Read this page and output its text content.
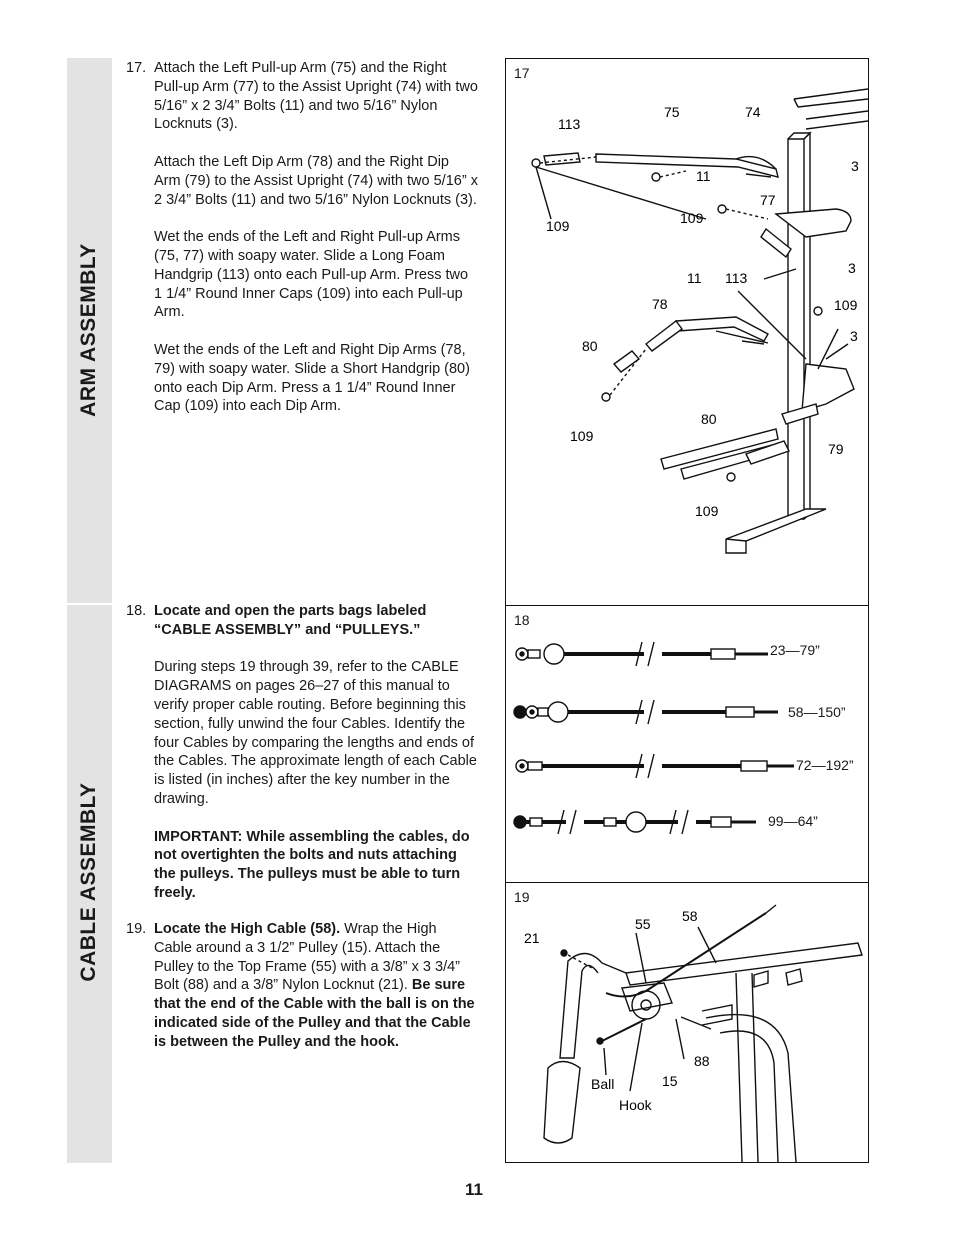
ARM ASSEMBLY
CABLE ASSEMBLY
17. Attach the Left Pull-up Arm (75) and the Right Pull-up Arm (77) to the Assist Upright (74) with two 5/16” x 2 3/4” Bolts (11) and two 5/16” Nylon Locknuts (3).

Attach the Left Dip Arm (78) and the Right Dip Arm (79) to the Assist Upright (74) with two 5/16” x 2 3/4” Bolts (11) and two 5/16” Nylon Locknuts (3).

Wet the ends of the Left and Right Pull-up Arms (75, 77) with soapy water. Slide a Long Foam Handgrip (113) onto each Pull-up Arm. Press two 1 1/4” Round Inner Caps (109) into each Pull-up Arm.

Wet the ends of the Left and Right Dip Arms (78, 79) with soapy water. Slide a Short Handgrip (80) onto each Dip Arm. Press a 1 1/4” Round Inner Cap (109) into each Dip Arm.

18. Locate and open the parts bags labeled “CABLE ASSEMBLY” and “PULLEYS.”

During steps 19 through 39, refer to the CABLE DIAGRAMS on pages 26–27 of this manual to verify proper cable routing. Before beginning this section, fully unwind the four Cables. Identify the four Cables by comparing the lengths and ends of the Cables. The approximate length of each Cable is listed (in inches) after the key number in the drawing.

IMPORTANT: While assembling the cables, do not overtighten the bolts and nuts attaching the pulleys. The pulleys must be able to turn freely.

19. Locate the High Cable (58). Wrap the High Cable around a 3 1/2” Pulley (15). Attach the Pulley to the Top Frame (55) with a 3/8” x 3 3/4” Bolt (88) and a 3/8” Nylon Locknut (21). Be sure that the end of the Cable with the ball is on the indicated side of the Pulley and that the Cable is between the Pulley and the hook.

17
113
75	74
11
3
109	109
77
3
11 113
78	109
3
80
109
80
79
109
18
23—79”
58—150”
72—192”
99—64”
19
55 58
21
88
Ball	15
Hook
11
